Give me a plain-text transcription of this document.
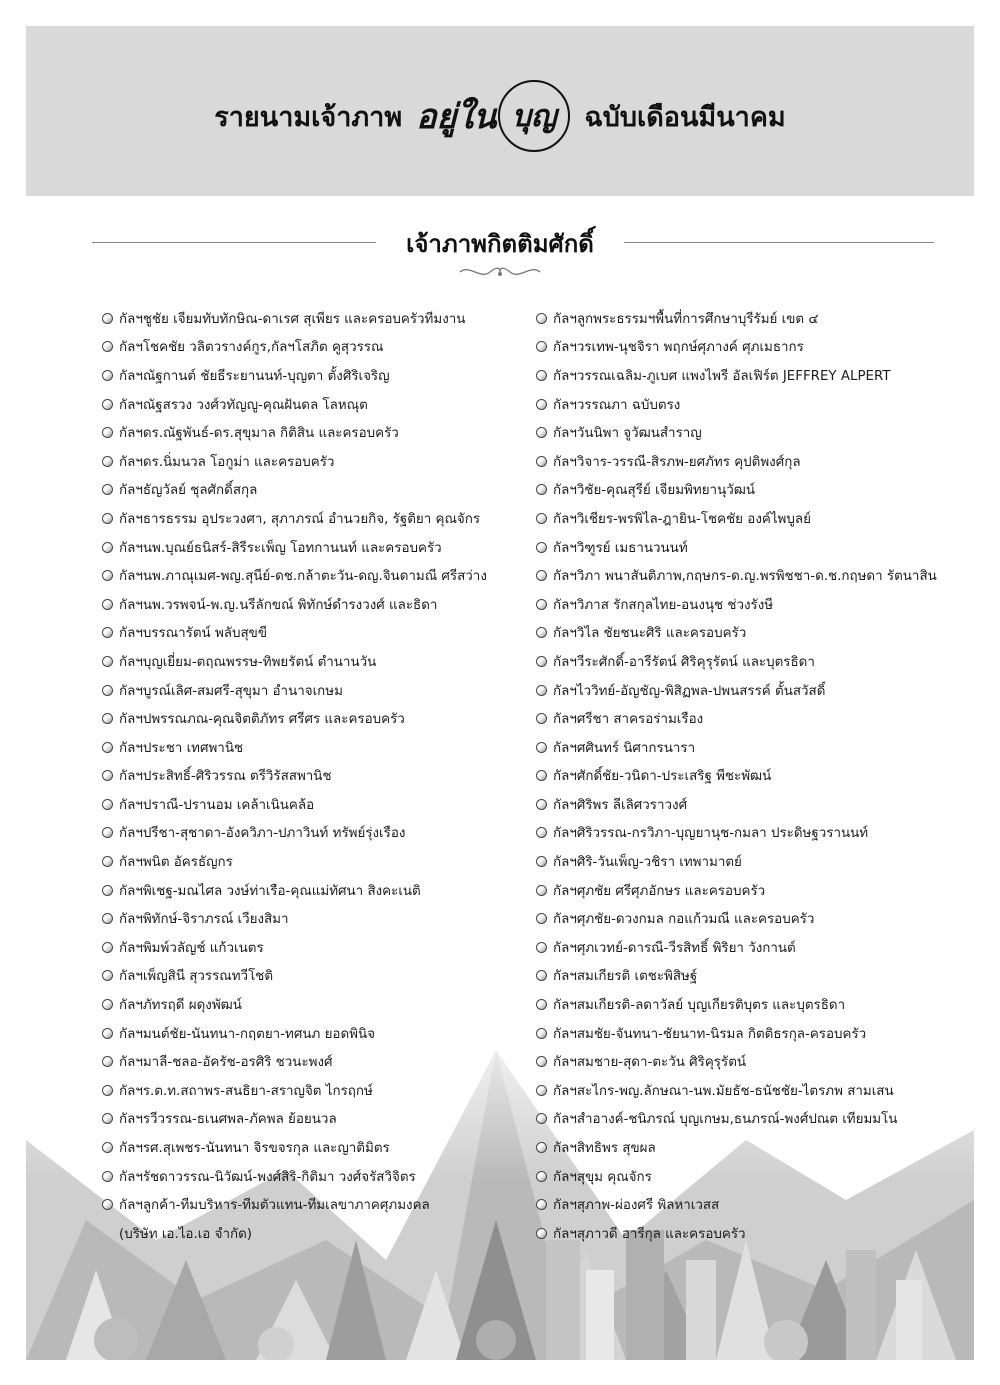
รายนามเจ้าภาพ อยู่ใน บุญ	ฉบับเดือนมีนาคม
เจ้าภาพกิตติมศักดิ์
กัลฯชูชัย เจียมทับทักษิณ-ดาเรศ สุเพียร และครอบครัวทีมงาน
กัลฯโชคชัย วลิตวรางค์กูร,กัลฯโสภิต คูสุวรรณ
กัลฯณัฐกานต์ ชัยธีระยานนท์-บุญตา ตั้งศิริเจริญ
กัลฯณัฐสรวง วงศ์วทัญญู-คุณฝันดล โลหณุต
กัลฯดร.ณัฐพันธ์-ดร.สุขุมาล กิติสิน และครอบครัว
กัลฯดร.นิ่มนวล โอกูม่า และครอบครัว
กัลฯธัญวัลย์ ชุลศักดิ์สกุล
กัลฯธารธรรม อุประวงศา, สุภาภรณ์ อำนวยกิจ, รัฐติยา คุณจักร
กัลฯนพ.บุณย์ธนิสร์-สิรีระเพ็ญ โอทกานนท์ และครอบครัว
กัลฯนพ.ภาณุเมศ-พญ.สุนีย์-ดช.กล้าตะวัน-ดญ.จินดามณี ศรีสว่าง
กัลฯนพ.วรพจน์-พ.ญ.นรีลักขณ์ พิทักษ์ดำรงวงศ์ และธิดา
กัลฯบรรณารัตน์ พลับสุขขี
กัลฯบุญเยี่ยม-ตฤณพรรษ-ทิพยรัตน์ ตำนานวัน
กัลฯบูรณ์เลิศ-สมศรี-สุขุมา อำนาจเกษม
กัลฯปพรรณภณ-คุณจิตติภัทร ศรีศร และครอบครัว
กัลฯประชา เทศพานิช
กัลฯประสิทธิ์-ศิริวรรณ ตรีวิรัสสพานิช
กัลฯปราณี-ปรานอม เคล้าเนินคล้อ
กัลฯปรีชา-สุชาดา-อังควิภา-ปภาวินท์ ทรัพย์รุ่งเรือง
กัลฯพนิต อัครธัญกร
กัลฯพิเชฐ-มณไศล วงษ์ท่าเรือ-คุณแม่ทัศนา สิงคะเนติ
กัลฯพิทักษ์-จิราภรณ์ เวียงสิมา
กัลฯพิมพ์วลัญช์ แก้วเนตร
กัลฯเพ็ญสินี สุวรรณทวีโชติ
กัลฯภัทรฤดี ผดุงพัฒน์
กัลฯมนต์ชัย-นันทนา-กฤตยา-ทศนภ ยอดพินิจ
กัลฯมาลี-ชลอ-อัครัช-อรศิริ ชวนะพงศ์
กัลฯร.ต.ท.สถาพร-สนธิยา-สราญจิต ไกรฤกษ์
กัลฯรวีวรรณ-ธเนศพล-ภัคพล ย้อยนวล
กัลฯรศ.สุเพชร-นันทนา จิรขจรกุล และญาติมิตร
กัลฯรัชดาวรรณ-นิวัฒน์-พงศ์สิริ-กิติมา วงศ์จรัสวิจิตร
กัลฯลูกค้า-ทีมบริหาร-ทีมตัวแทน-ทีมเลขาภาคศุภมงคล
(บริษัท เอ.ไอ.เอ จำกัด)
กัลฯลูกพระธรรมฯพื้นที่การศึกษาบุรีรัมย์ เขต ๔
กัลฯวรเทพ-นุชจิรา พฤกษ์ศุภางค์ ศุภเมธากร
กัลฯวรรณเฉลิม-ภูเบศ แพงไพรี อัลเฟิร์ต JEFFREY ALPERT
กัลฯวรรณภา ฉบับตรง
กัลฯวันนิพา จูวัฒนสำราญ
กัลฯวิจาร-วรรณี-สิรภพ-ยศภัทร คุปติพงศ์กุล
กัลฯวิชัย-คุณสุรีย์ เจียมพิทยานุวัฒน์
กัลฯวิเชียร-พรพิไล-ฎายิน-โชคชัย องค์ไพบูลย์
กัลฯวิฑูรย์ เมธานวนนท์
กัลฯวิภา พนาสันติภาพ,กฤษกร-ด.ญ.พรพิชชา-ด.ช.กฤษดา รัตนาสิน
กัลฯวิภาส รักสกุลไทย-อนงนุช ช่วงรังษี
กัลฯวิไล ชัยชนะศิริ และครอบครัว
กัลฯวีระศักดิ์-อารีรัตน์ ศิริคุรุรัตน์ และบุตรธิดา
กัลฯไววิทย์-อัญชัญ-พิสิฏพล-ปพนสรรค์ ตั้นสวัสดิ์
กัลฯศรีชา สาครอร่ามเรือง
กัลฯศศินทร์ นิศากรนารา
กัลฯศักดิ์ชัย-วนิดา-ประเสริฐ พีชะพัฒน์
กัลฯศิริพร ลีเลิศวราวงศ์
กัลฯศิริวรรณ-กรวิภา-บุญยานุช-กมลา ประดิษฐวรานนท์
กัลฯศิริ-วันเพ็ญ-วชิรา เทพามาตย์
กัลฯศุภชัย ศรีศุภอักษร และครอบครัว
กัลฯศุภชัย-ดวงกมล กอแก้วมณี และครอบครัว
กัลฯศุภเวทย์-ดารณี-วีรสิทธิ์ พิริยา วังกานต์
กัลฯสมเกียรติ เตชะพิสิษฐ์
กัลฯสมเกียรติ-ลดาวัลย์ บุญเกียรติบุตร และบุตรธิดา
กัลฯสมชัย-จันทนา-ชัยนาท-นิรมล กิตติธรกุล-ครอบครัว
กัลฯสมชาย-สุดา-ตะวัน ศิริคุรุรัตน์
กัลฯสะไกร-พญ.ลักษณา-นพ.มัยธัช-ธนัชชัย-ไตรภพ สามเสน
กัลฯสำอางค์-ชนิภรณ์ บุญเกษม,ธนภรณ์-พงศ์ปณต เทียมมโน
กัลฯสิทธิพร สุขผล
กัลฯสุขุม คุณจักร
กัลฯสุภาพ-ผ่องศรี พิลหาเวสส
กัลฯสุภาวดี อารีกุล และครอบครัว
